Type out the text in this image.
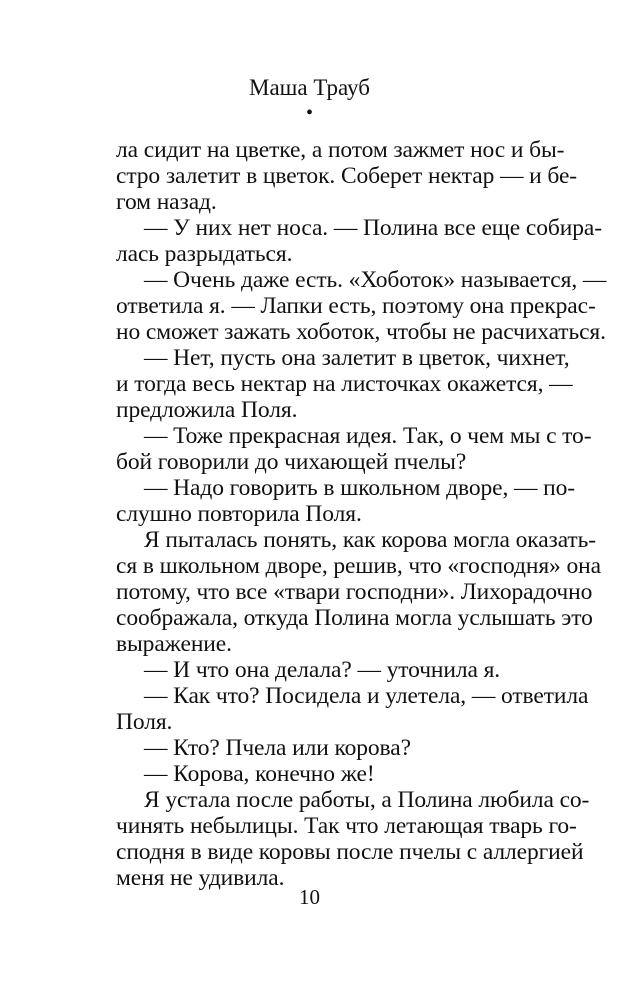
Маша Трауб
•
ла сидит на цветке, а потом зажмет нос и бы-
стро залетит в цветок. Соберет нектар — и бе-
гом назад.
— У них нет носа. — Полина все еще собира-
лась разрыдаться.
— Очень даже есть. «Хоботок» называется, —
ответила я. — Лапки есть, поэтому она прекрас-
но сможет зажать хоботок, чтобы не расчихаться.
— Нет, пусть она залетит в цветок, чихнет,
и тогда весь нектар на листочках окажется, —
предложила Поля.
— Тоже прекрасная идея. Так, о чем мы с то-
бой говорили до чихающей пчелы?
— Надо говорить в школьном дворе, — по-
слушно повторила Поля.
Я пыталась понять, как корова могла оказать-
ся в школьном дворе, решив, что «господня» она
потому, что все «твари господни». Лихорадочно
соображала, откуда Полина могла услышать это
выражение.
— И что она делала? — уточнила я.
— Как что? Посидела и улетела, — ответила
Поля.
— Кто? Пчела или корова?
— Корова, конечно же!
Я устала после работы, а Полина любила со-
чинять небылицы. Так что летающая тварь го-
сподня в виде коровы после пчелы с аллергией
меня не удивила.
10
